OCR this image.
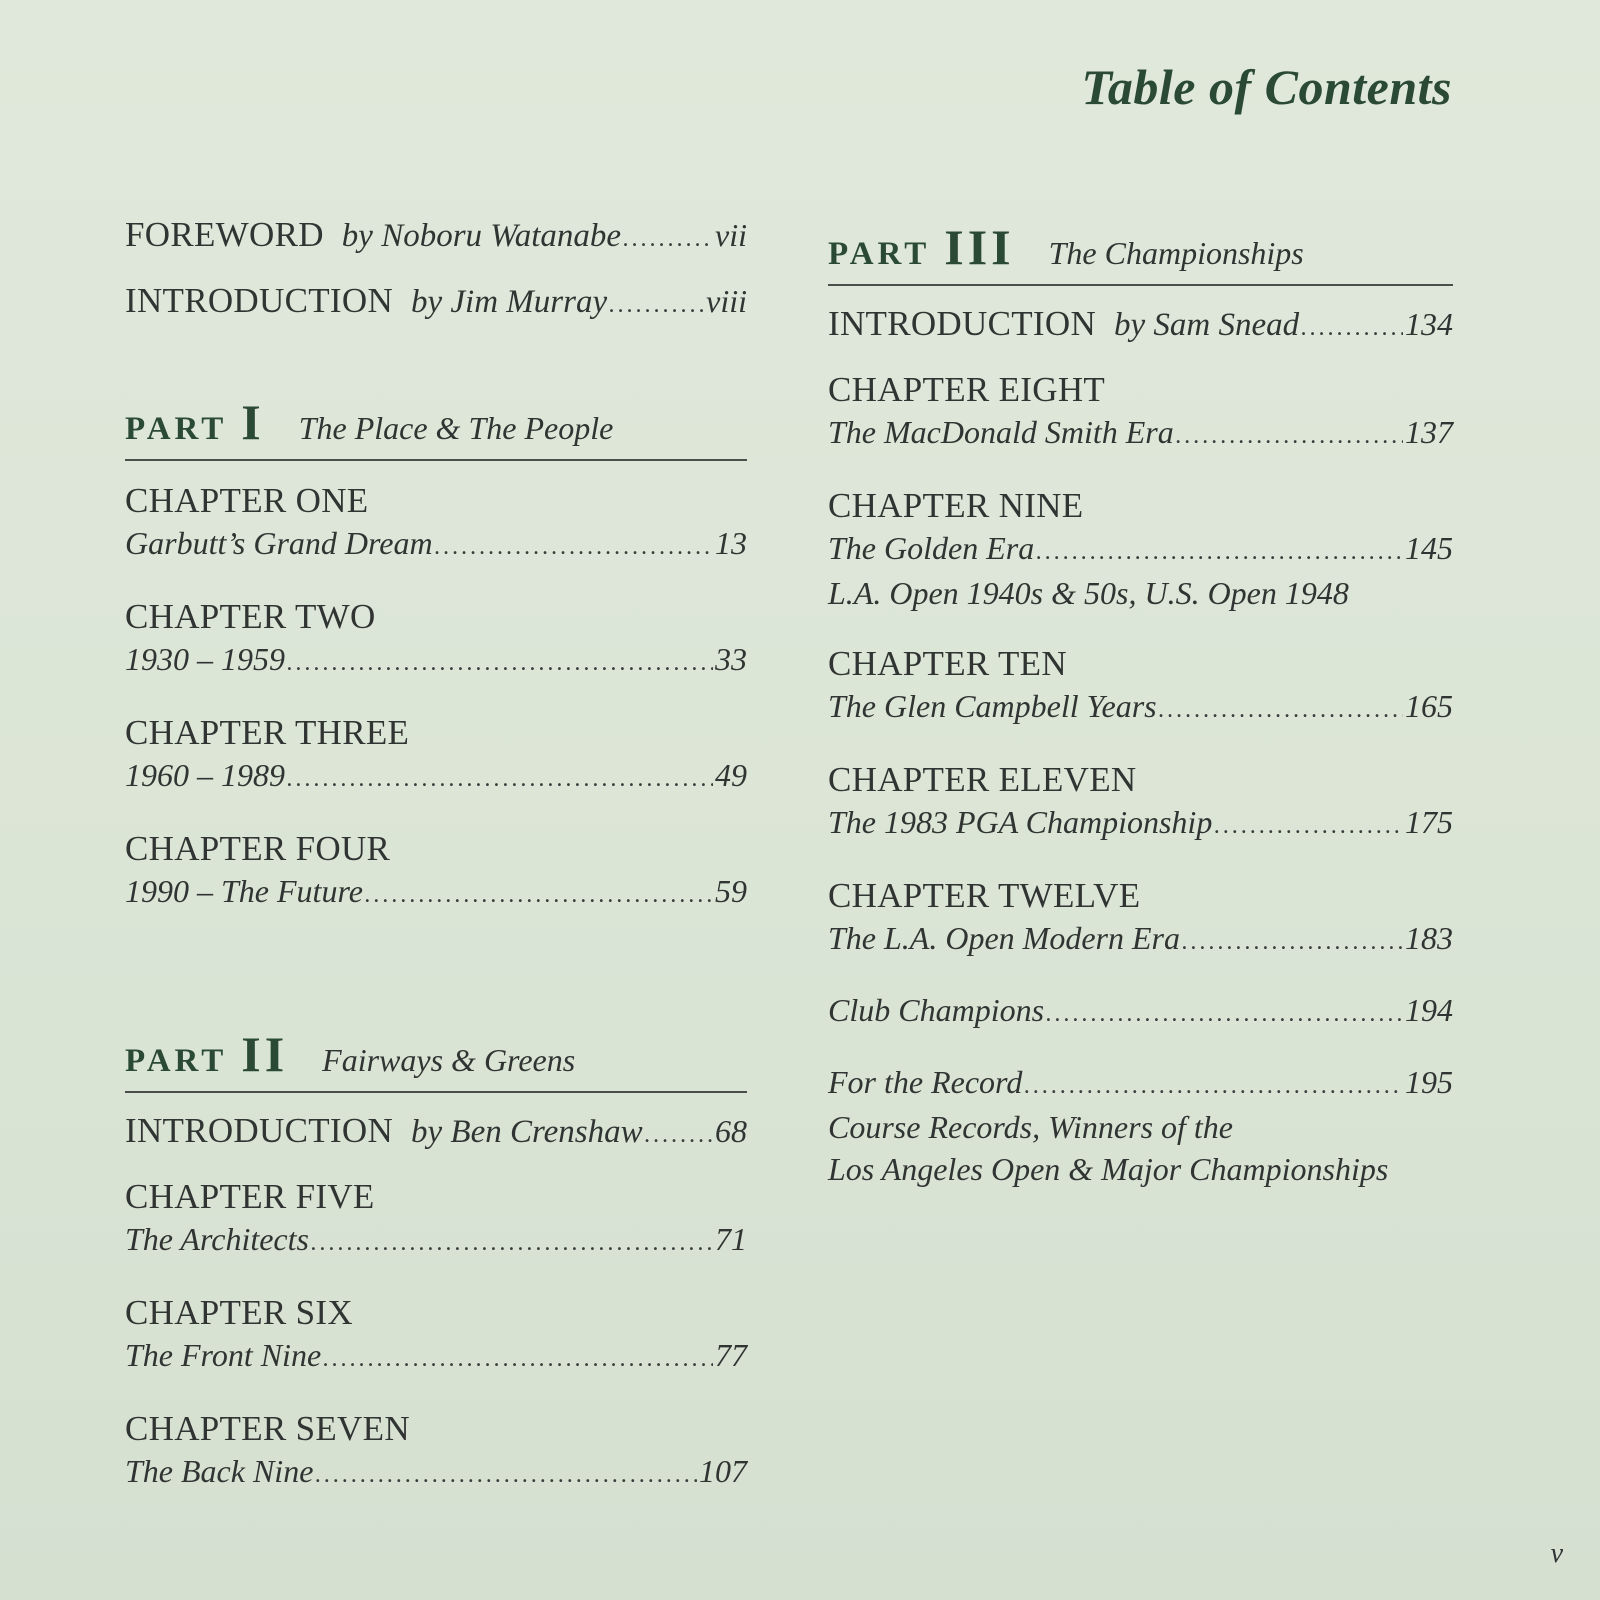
Table of Contents
FOREWORD by Noboru Watanabe .....	vii
INTRODUCTION by Jim Murray .....	viii
PART I The Place & The People
CHAPTER ONE
Garbutt’s Grand Dream .....	13
CHAPTER TWO
1930 – 1959 .....	33
CHAPTER THREE
1960 – 1989 .....	49
CHAPTER FOUR
1990 – The Future .....	59
PART II Fairways & Greens
INTRODUCTION by Ben Crenshaw ..... 68
CHAPTER FIVE
The Architects .....	71
CHAPTER SIX
The Front Nine .....	77
CHAPTER SEVEN
The Back Nine .....	107
PART III The Championships
INTRODUCTION by Sam Snead .....	134
CHAPTER EIGHT
The MacDonald Smith Era .....	137
CHAPTER NINE
The Golden Era .....	145
L.A. Open 1940s & 50s, U.S. Open 1948
CHAPTER TEN
The Glen Campbell Years .....	165
CHAPTER ELEVEN
The 1983 PGA Championship .....	175
CHAPTER TWELVE
The L.A. Open Modern Era .....	183
Club Champions .....	194
For the Record .....	195
Course Records, Winners of the
Los Angeles Open & Major Championships
v
